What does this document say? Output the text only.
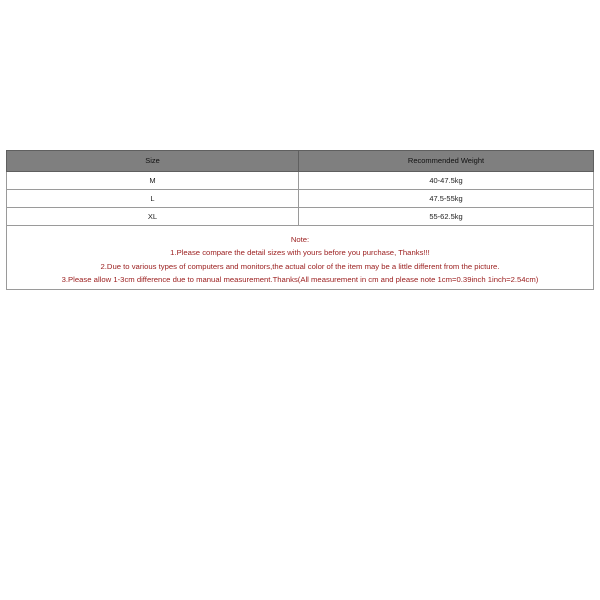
Size	Recommended Weight
M	40-47.5kg
L	47.5-55kg
XL	55-62.5kg

Note:
1.Please compare the detail sizes with yours before you purchase, Thanks!!!
2.Due to various types of computers and monitors,the actual color of the item may be a little different from the picture.
3.Please allow 1-3cm difference due to manual measurement.Thanks(All measurement in cm and please note 1cm=0.39inch 1inch=2.54cm)	
